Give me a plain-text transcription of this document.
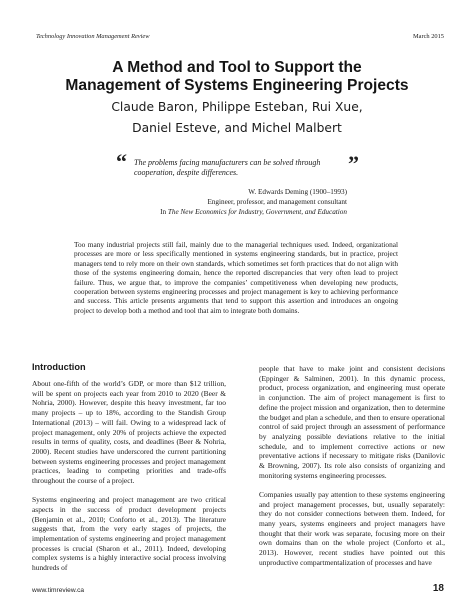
Technology Innovation Management Review	March 2015
A Method and Tool to Support the
Management of Systems Engineering Projects
Claude Baron, Philippe Esteban, Rui Xue,
Daniel Esteve, and Michel Malbert
“ The problems facing manufacturers can be solved through cooperation, despite differences.	”
W. Edwards Deming (1900–1993)
Engineer, professor, and management consultant
In The New Economics for Industry, Government, and Education
Too many industrial projects still fail, mainly due to the managerial techniques used. Indeed, organizational processes are more or less specifically mentioned in systems engineering standards, but in practice, project managers tend to rely more on their own standards, which sometimes set forth practices that do not align with those of the systems engineering domain, hence the reported discrepancies that very often lead to project failure. Thus, we argue that, to improve the companies’ competitiveness when developing new products, cooperation between systems engineering processes and project management is key to achieving performance and success. This article presents arguments that tend to support this assertion and introduces an ongoing project to develop both a method and tool that aim to integrate both domains.
Introduction

About one-fifth of the world’s GDP, or more than $12 trillion, will be spent on projects each year from 2010 to 2020 (Beer & Nohria, 2000). However, despite this heavy investment, far too many projects – up to 18%, according to the Standish Group International (2013) – will fail. Owing to a widespread lack of project management, only 20% of projects achieve the expected results in terms of quality, costs, and deadlines (Beer & Nohria, 2000). Recent studies have underscored the current partitioning between systems engineering processes and project management practices, leading to competing priorities and trade-offs throughout the course of a project.

Systems engineering and project management are two critical aspects in the success of product development projects (Benjamin et al., 2010; Conforto et al., 2013). The literature suggests that, from the very early stages of projects, the implementation of systems engineering and project management processes is crucial (Sharon et al., 2011). Indeed, developing complex systems is a highly interactive social process involving hundreds of

people that have to make joint and consistent decisions (Eppinger & Salminen, 2001). In this dynamic process, product, process organization, and engineering must operate in conjunction. The aim of project management is first to define the project mission and organization, then to determine the budget and plan a schedule, and then to ensure operational control of said project through an assessment of performance by analyzing possible deviations relative to the initial schedule, and to implement corrective actions or new preventative actions if necessary to mitigate risks (Danilovic & Browning, 2007). Its role also consists of organizing and monitoring systems engineering processes.

Companies usually pay attention to these systems engineering and project management processes, but, usually separately: they do not consider connections between them. Indeed, for many years, systems engineers and project managers have thought that their work was separate, focusing more on their own domains than on the whole project (Conforto et al., 2013). However, recent studies have pointed out this unproductive compartmentalization of processes and have

www.timreview.ca	18
